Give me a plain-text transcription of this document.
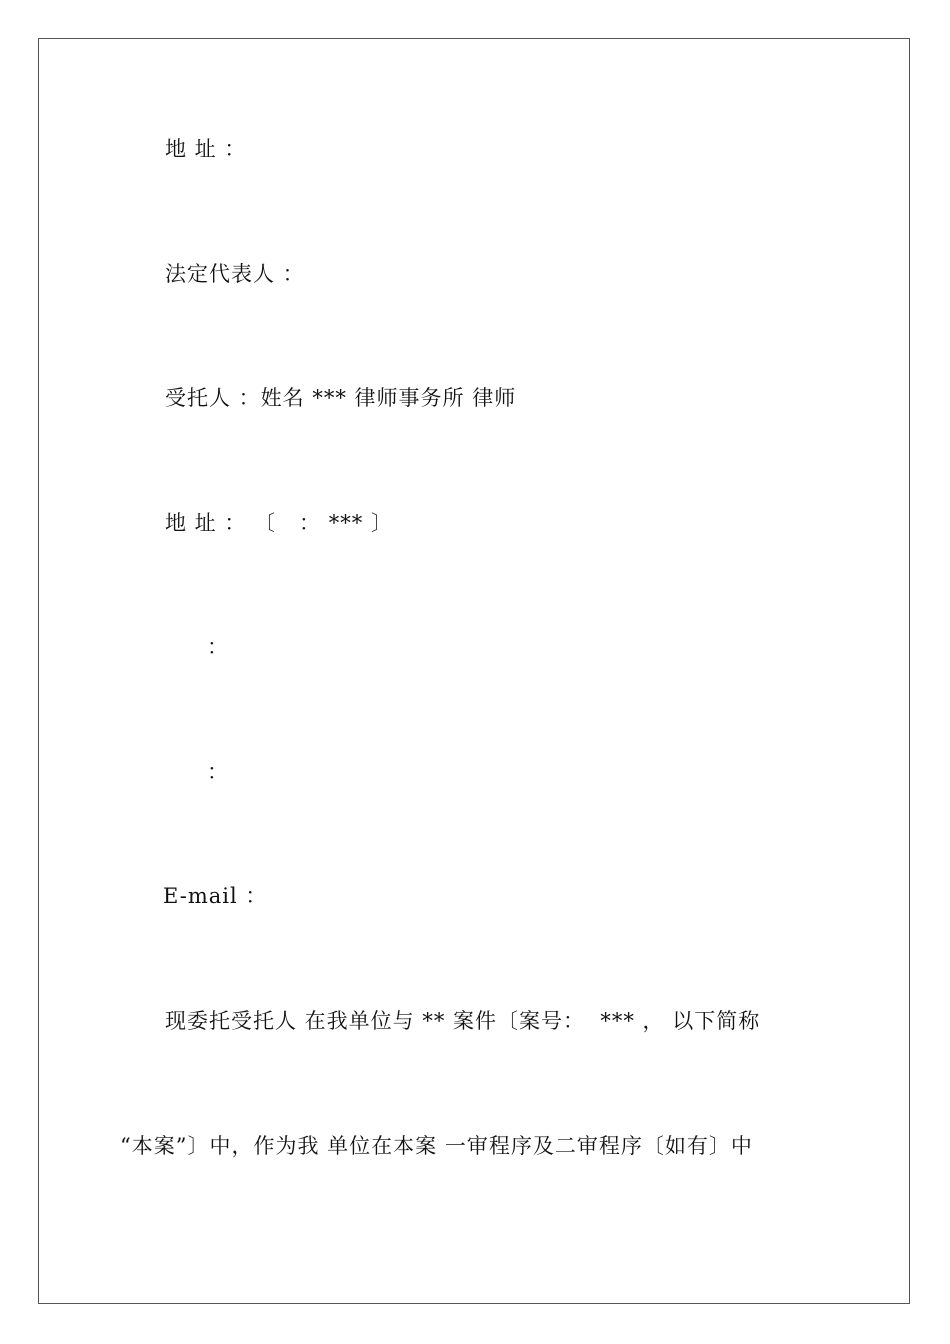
地 址 ：
法定代表人 ：
受托人 ：姓名 *** 律师事务所 律师
地 址 ： 〔   ： *** 〕
：
：
E-mail ：
现委托受托人 在我单位与 ** 案件〔案号：  *** ， 以下简称
“本案”〕中，作为我 单位在本案 一审程序及二审程序〔如有〕中
